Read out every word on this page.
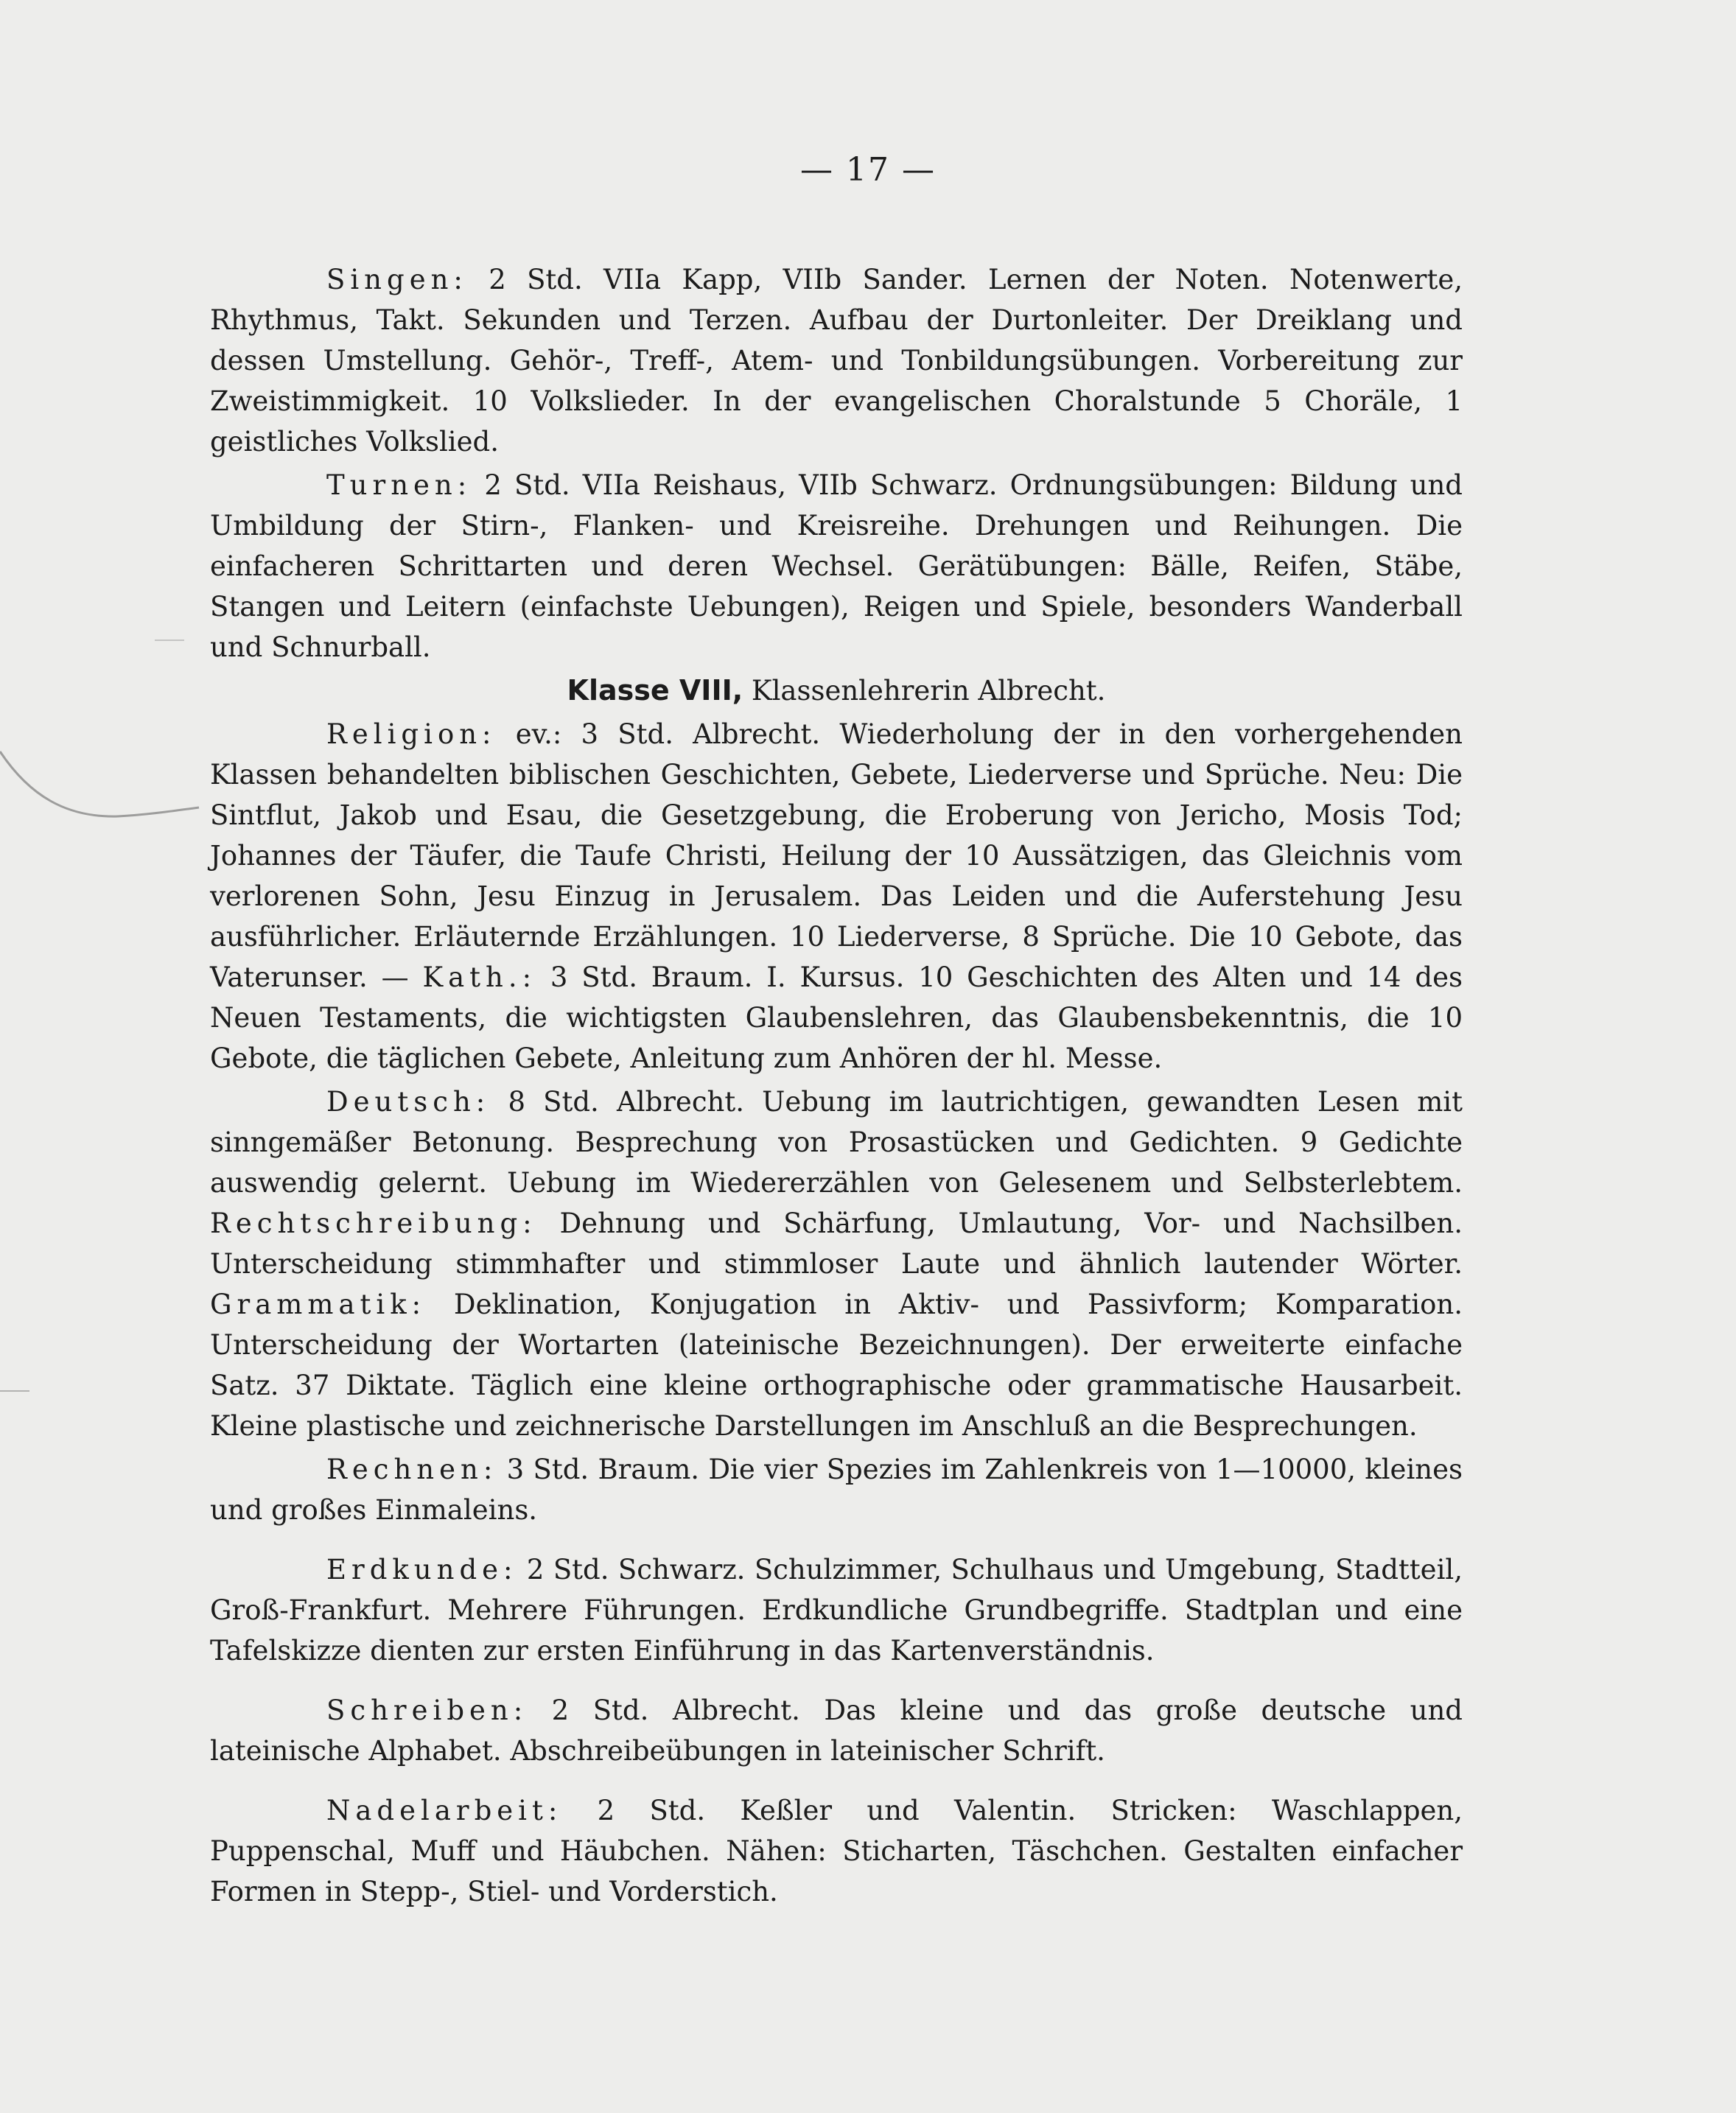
— 17 —

Singen: 2 Std. VIIa Kapp, VIIb Sander. Lernen der Noten. Notenwerte, Rhythmus, Takt. Sekunden und Terzen. Aufbau der Durtonleiter. Der Dreiklang und dessen Umstellung. Gehör-, Treff-, Atem- und Tonbildungsübungen. Vorbereitung zur Zweistimmigkeit. 10 Volkslieder. In der evangelischen Choralstunde 5 Choräle, 1 geistliches Volkslied.

Turnen: 2 Std. VIIa Reishaus, VIIb Schwarz. Ordnungsübungen: Bildung und Umbildung der Stirn-, Flanken- und Kreisreihe. Drehungen und Reihungen. Die einfacheren Schrittarten und deren Wechsel. Gerätübungen: Bälle, Reifen, Stäbe, Stangen und Leitern (einfachste Uebungen), Reigen und Spiele, besonders Wanderball und Schnurball.

Klasse VIII, Klassenlehrerin Albrecht.

Religion: ev.: 3 Std. Albrecht. Wiederholung der in den vorhergehenden Klassen behandelten biblischen Geschichten, Gebete, Liederverse und Sprüche. Neu: Die Sintflut, Jakob und Esau, die Gesetzgebung, die Eroberung von Jericho, Mosis Tod; Johannes der Täufer, die Taufe Christi, Heilung der 10 Aussätzigen, das Gleichnis vom verlorenen Sohn, Jesu Einzug in Jerusalem. Das Leiden und die Auferstehung Jesu ausführlicher. Erläuternde Erzählungen. 10 Liederverse, 8 Sprüche. Die 10 Gebote, das Vaterunser. — Kath.: 3 Std. Braum. I. Kursus. 10 Geschichten des Alten und 14 des Neuen Testaments, die wichtigsten Glaubenslehren, das Glaubensbekenntnis, die 10 Gebote, die täglichen Gebete, Anleitung zum Anhören der hl. Messe.

Deutsch: 8 Std. Albrecht. Uebung im lautrichtigen, gewandten Lesen mit sinngemäßer Betonung. Besprechung von Prosastücken und Gedichten. 9 Gedichte auswendig gelernt. Uebung im Wiedererzählen von Gelesenem und Selbsterlebtem. Rechtschreibung: Dehnung und Schärfung, Umlautung, Vor- und Nachsilben. Unterscheidung stimmhafter und stimmloser Laute und ähnlich lautender Wörter. Grammatik: Deklination, Konjugation in Aktiv- und Passivform; Komparation. Unterscheidung der Wortarten (lateinische Bezeichnungen). Der erweiterte einfache Satz. 37 Diktate. Täglich eine kleine orthographische oder grammatische Hausarbeit. Kleine plastische und zeichnerische Darstellungen im Anschluß an die Besprechungen.

Rechnen: 3 Std. Braum. Die vier Spezies im Zahlenkreis von 1—10000, kleines und großes Einmaleins.

Erdkunde: 2 Std. Schwarz. Schulzimmer, Schulhaus und Umgebung, Stadtteil, Groß-Frankfurt. Mehrere Führungen. Erdkundliche Grundbegriffe. Stadtplan und eine Tafelskizze dienten zur ersten Einführung in das Kartenverständnis.

Schreiben: 2 Std. Albrecht. Das kleine und das große deutsche und lateinische Alphabet. Abschreibeübungen in lateinischer Schrift.

Nadelarbeit: 2 Std. Keßler und Valentin. Stricken: Waschlappen, Puppenschal, Muff und Häubchen. Nähen: Sticharten, Täschchen. Gestalten einfacher Formen in Stepp-, Stiel- und Vorderstich.
